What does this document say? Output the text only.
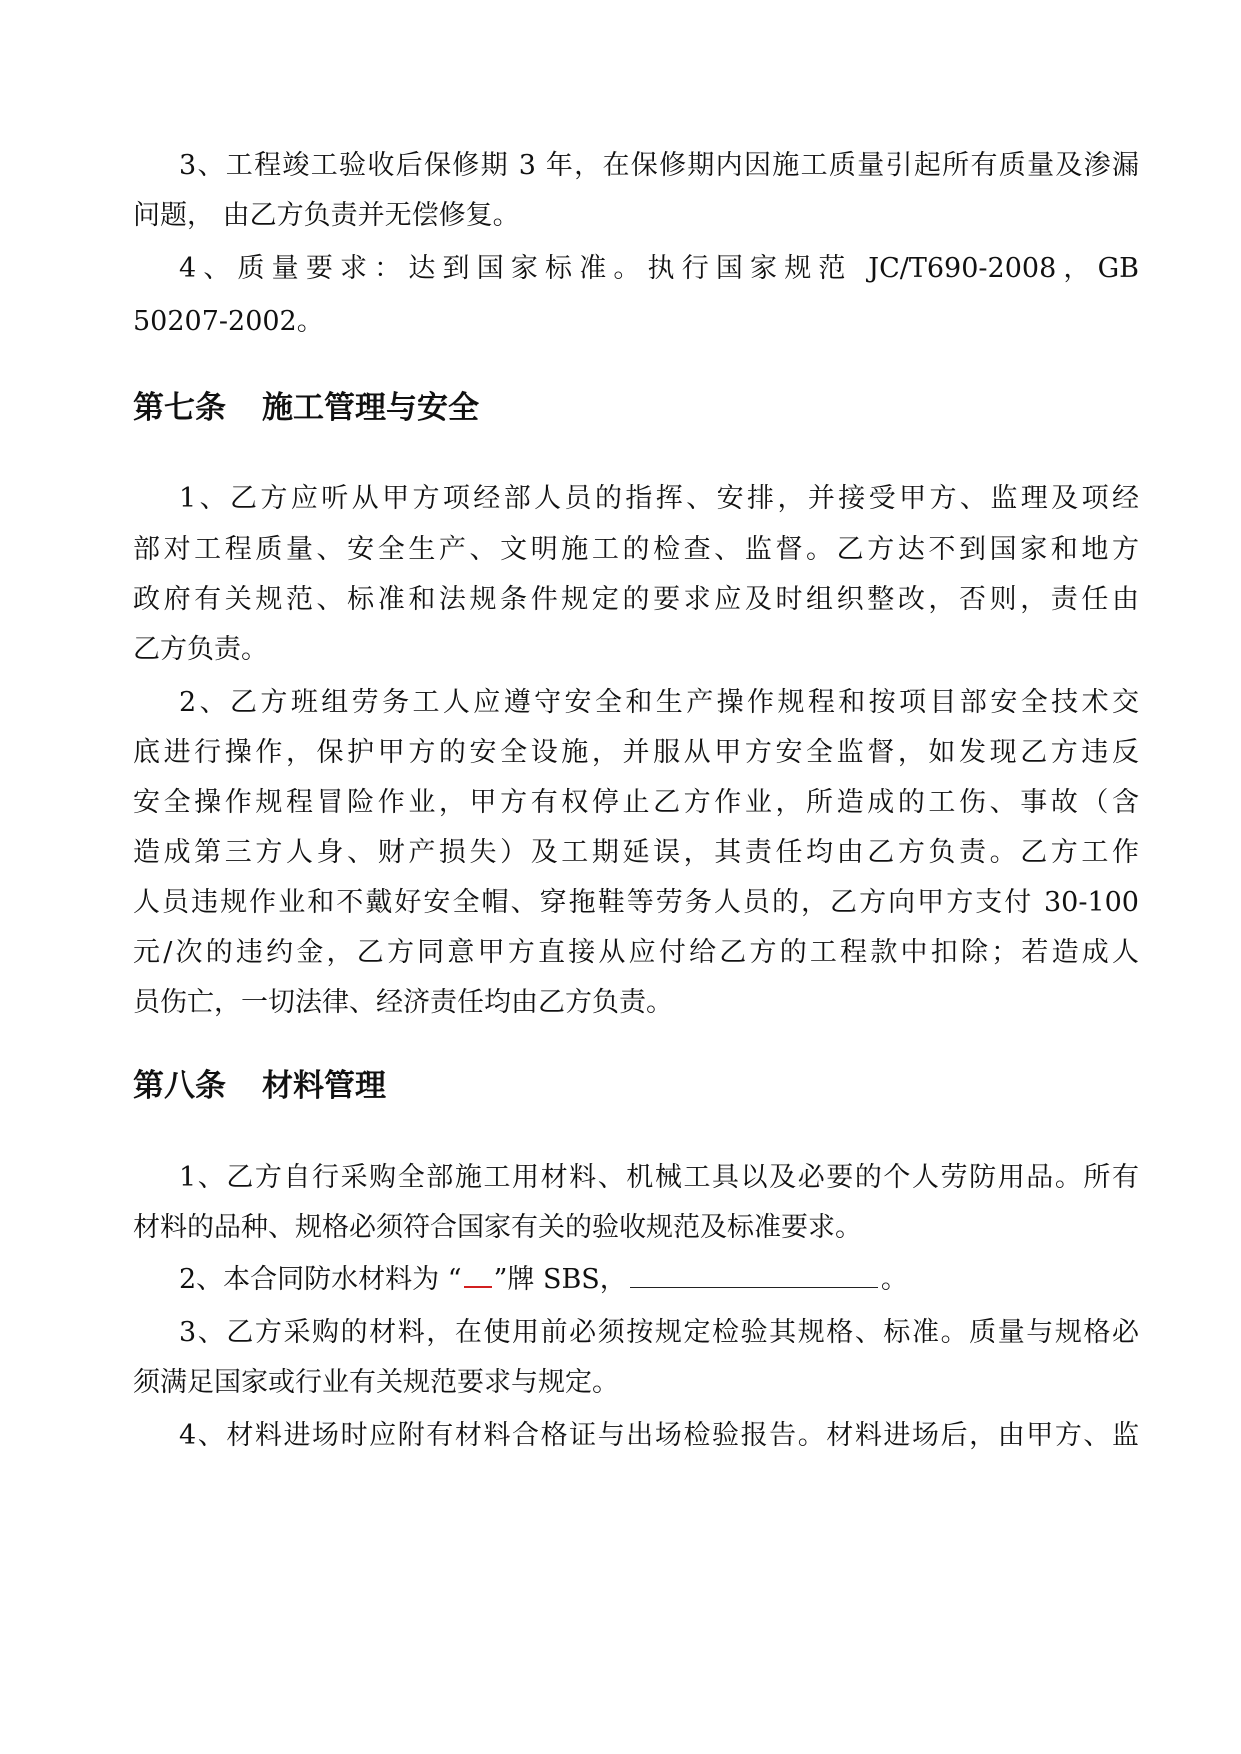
3、工程竣工验收后保修期 3 年，在保修期内因施工质量引起所有质量及渗漏
问题， 由乙方负责并无偿修复。
4、质量要求：达到国家标准。执行国家规范 JC/T690-2008，GB
50207-2002。
第七条 施工管理与安全
1、乙方应听从甲方项经部人员的指挥、安排，并接受甲方、监理及项经
部对工程质量、安全生产、文明施工的检查、监督。乙方达不到国家和地方
政府有关规范、标准和法规条件规定的要求应及时组织整改，否则，责任由
乙方负责。
2、乙方班组劳务工人应遵守安全和生产操作规程和按项目部安全技术交
底进行操作，保护甲方的安全设施，并服从甲方安全监督，如发现乙方违反
安全操作规程冒险作业，甲方有权停止乙方作业，所造成的工伤、事故（含
造成第三方人身、财产损失）及工期延误，其责任均由乙方负责。乙方工作
人员违规作业和不戴好安全帽、穿拖鞋等劳务人员的，乙方向甲方支付 30-100
元/次的违约金，乙方同意甲方直接从应付给乙方的工程款中扣除；若造成人
员伤亡，一切法律、经济责任均由乙方负责。
第八条 材料管理
1、乙方自行采购全部施工用材料、机械工具以及必要的个人劳防用品。所有
材料的品种、规格必须符合国家有关的验收规范及标准要求。
2、本合同防水材料为 “ ”牌 SBS，	。
3、乙方采购的材料，在使用前必须按规定检验其规格、标准。质量与规格必
须满足国家或行业有关规范要求与规定。
4、材料进场时应附有材料合格证与出场检验报告。材料进场后，由甲方、监
